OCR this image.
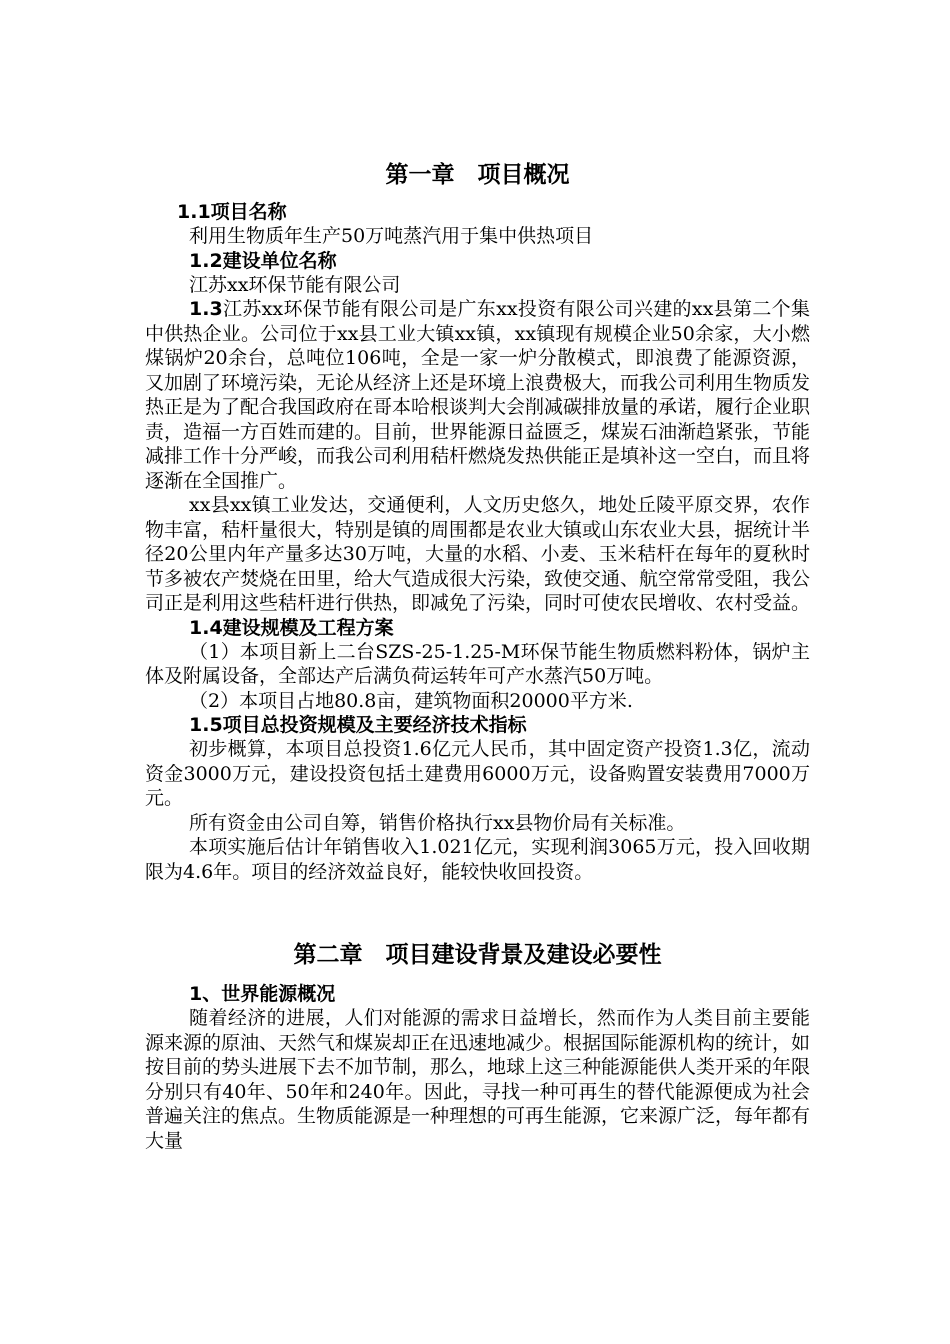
第一章　项目概况
1.1项目名称

利用生物质年生产50万吨蒸汽用于集中供热项目

1.2建设单位名称

江苏xx环保节能有限公司

1.3江苏xx环保节能有限公司是广东xx投资有限公司兴建的xx县第二个集中供热企业。公司位于xx县工业大镇xx镇，xx镇现有规模企业50余家，大小燃煤锅炉20余台，总吨位106吨，全是一家一炉分散模式，即浪费了能源资源，又加剧了环境污染，无论从经济上还是环境上浪费极大，而我公司利用生物质发热正是为了配合我国政府在哥本哈根谈判大会削减碳排放量的承诺，履行企业职责，造福一方百姓而建的。目前，世界能源日益匮乏，煤炭石油渐趋紧张，节能减排工作十分严峻，而我公司利用秸杆燃烧发热供能正是填补这一空白，而且将逐渐在全国推广。

xx县xx镇工业发达，交通便利，人文历史悠久，地处丘陵平原交界，农作物丰富，秸杆量很大，特别是镇的周围都是农业大镇或山东农业大县，据统计半径20公里内年产量多达30万吨，大量的水稻、小麦、玉米秸杆在每年的夏秋时节多被农产焚烧在田里，给大气造成很大污染，致使交通、航空常常受阻，我公司正是利用这些秸杆进行供热，即减免了污染，同时可使农民增收、农村受益。

1.4建设规模及工程方案

（1）本项目新上二台SZS-25-1.25-M环保节能生物质燃料粉体，锅炉主体及附属设备，全部达产后满负荷运转年可产水蒸汽50万吨。

（2）本项目占地80.8亩，建筑物面积20000平方米.

1.5项目总投资规模及主要经济技术指标

初步概算，本项目总投资1.6亿元人民币，其中固定资产投资1.3亿，流动资金3000万元，建设投资包括土建费用6000万元，设备购置安装费用7000万元。

所有资金由公司自筹，销售价格执行xx县物价局有关标准。

本项实施后估计年销售收入1.021亿元，实现利润3065万元，投入回收期限为4.6年。项目的经济效益良好，能较快收回投资。

第二章　项目建设背景及建设必要性
1、世界能源概况

随着经济的进展，人们对能源的需求日益增长，然而作为人类目前主要能源来源的原油、天然气和煤炭却正在迅速地减少。根据国际能源机构的统计，如按目前的势头进展下去不加节制，那么，地球上这三种能源能供人类开采的年限分别只有40年、50年和240年。因此，寻找一种可再生的替代能源便成为社会普遍关注的焦点。生物质能源是一种理想的可再生能源，它来源广泛，每年都有大量
